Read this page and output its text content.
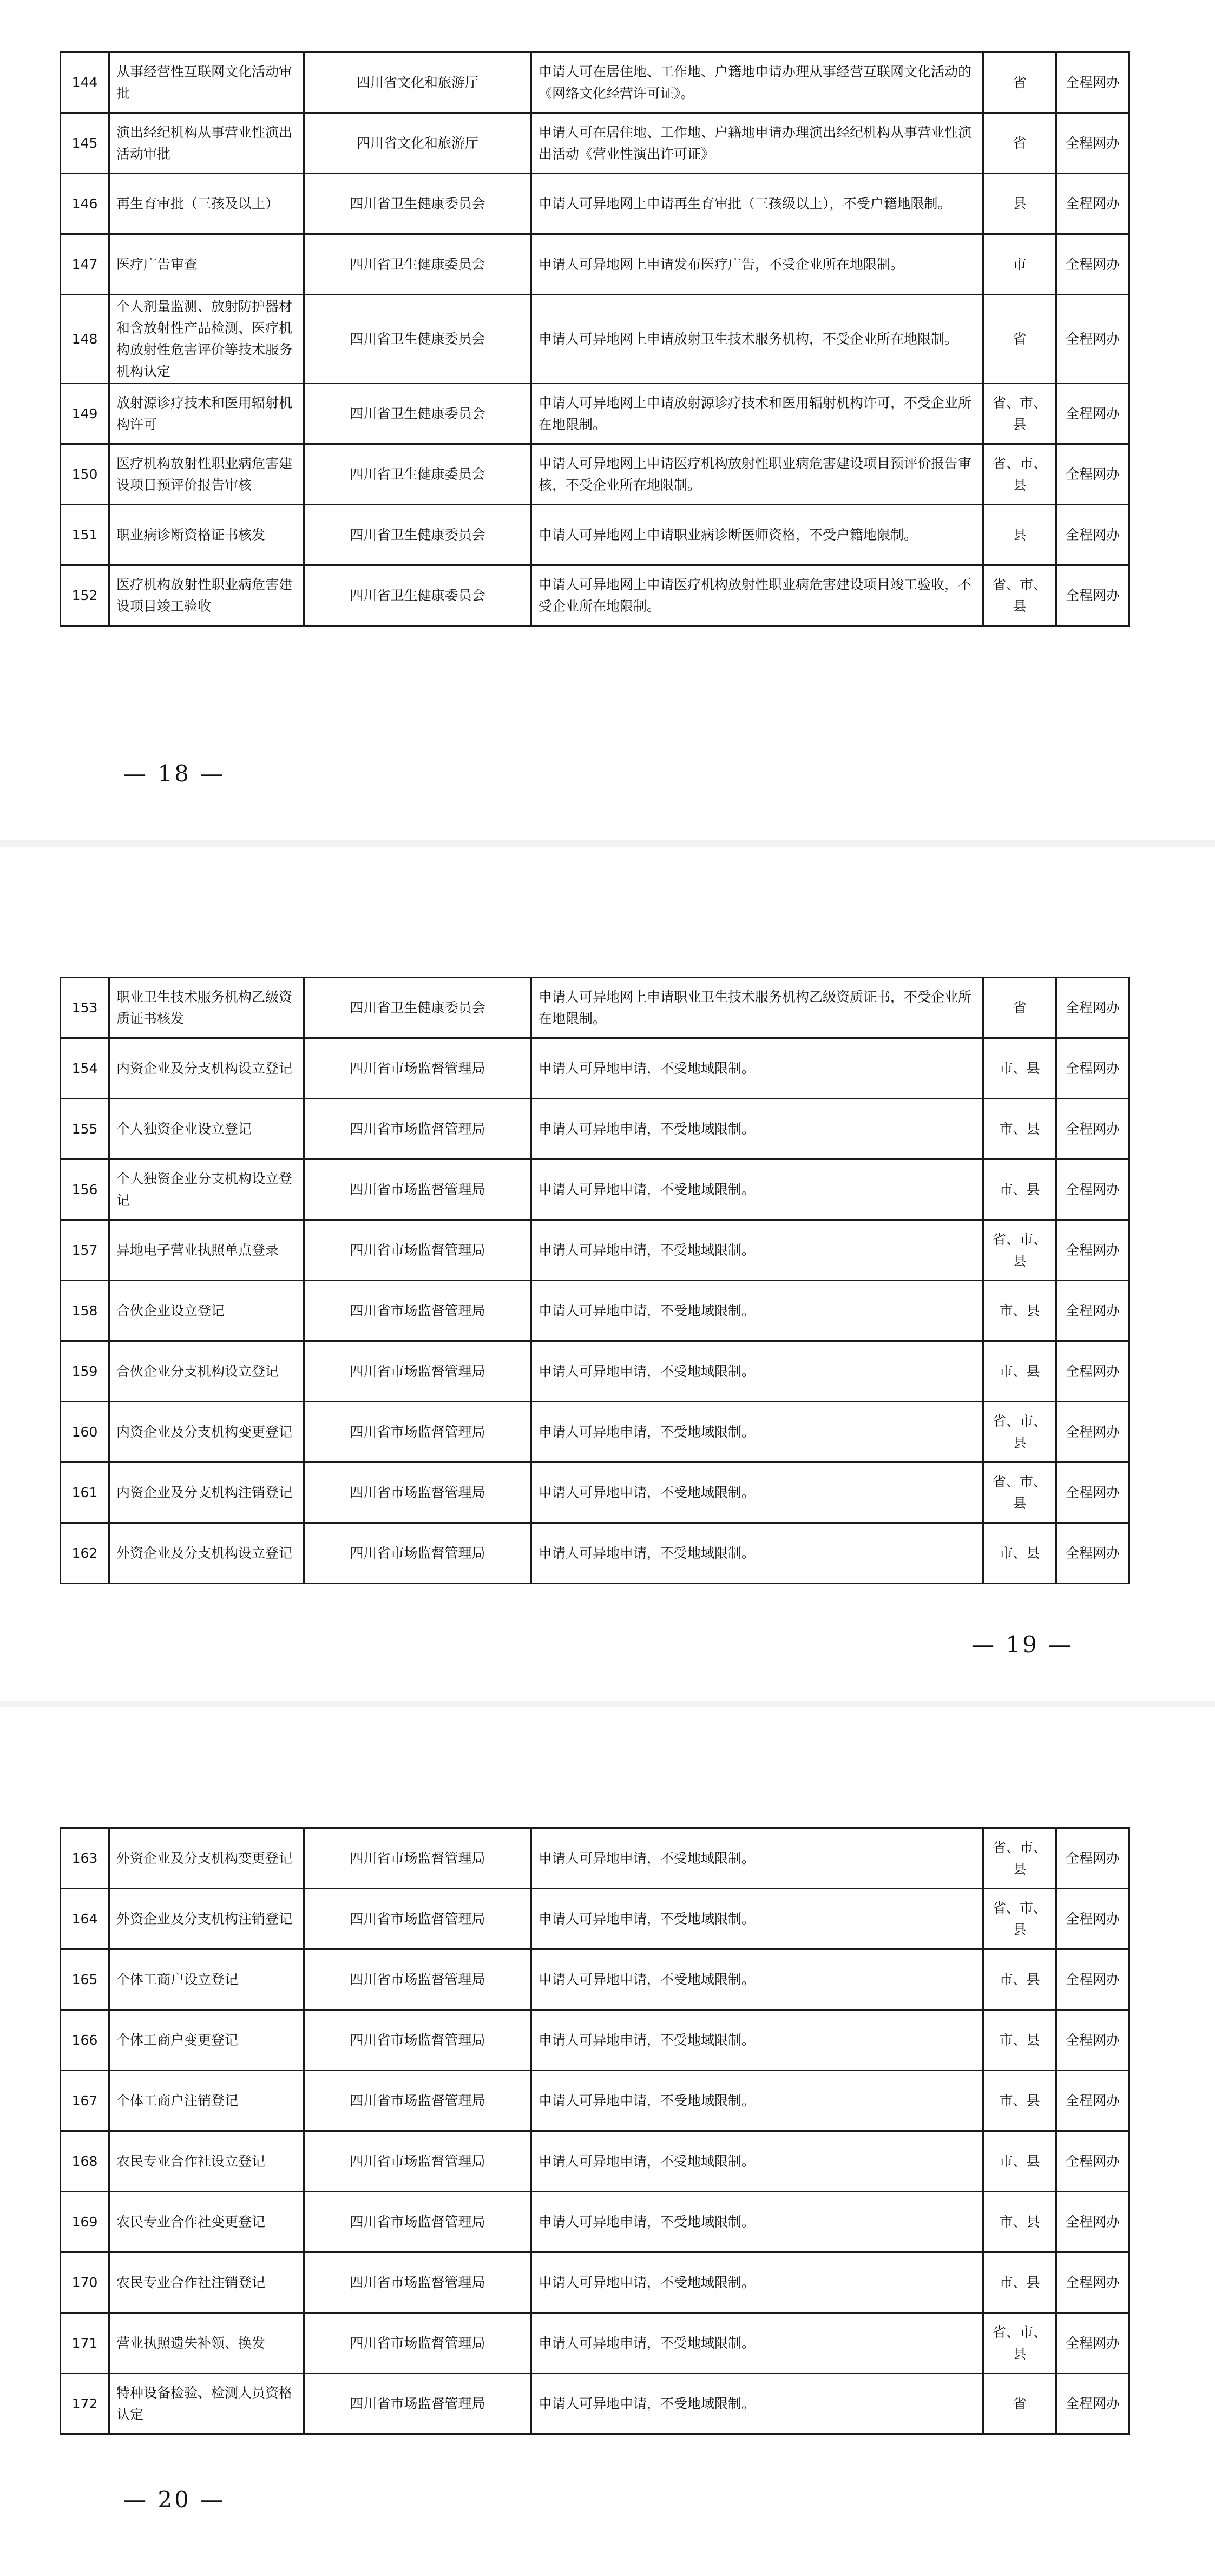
144	从事经营性互联网文化活动审批	四川省文化和旅游厅	申请人可在居住地、工作地、户籍地申请办理从事经营互联网文化活动的《网络文化经营许可证》。	省	全程网办
145	演出经纪机构从事营业性演出活动审批	四川省文化和旅游厅	申请人可在居住地、工作地、户籍地申请办理演出经纪机构从事营业性演出活动《营业性演出许可证》	省	全程网办
146	再生育审批（三孩及以上）	四川省卫生健康委员会	申请人可异地网上申请再生育审批（三孩级以上），不受户籍地限制。	县	全程网办
147	医疗广告审查	四川省卫生健康委员会	申请人可异地网上申请发布医疗广告，不受企业所在地限制。	市	全程网办
148	个人剂量监测、放射防护器材和含放射性产品检测、医疗机构放射性危害评价等技术服务机构认定	四川省卫生健康委员会	申请人可异地网上申请放射卫生技术服务机构，不受企业所在地限制。	省	全程网办
149	放射源诊疗技术和医用辐射机构许可	四川省卫生健康委员会	申请人可异地网上申请放射源诊疗技术和医用辐射机构许可，不受企业所在地限制。	省、市、县	全程网办
150	医疗机构放射性职业病危害建设项目预评价报告审核	四川省卫生健康委员会	申请人可异地网上申请医疗机构放射性职业病危害建设项目预评价报告审核，不受企业所在地限制。	省、市、县	全程网办
151	职业病诊断资格证书核发	四川省卫生健康委员会	申请人可异地网上申请职业病诊断医师资格，不受户籍地限制。	县	全程网办
152	医疗机构放射性职业病危害建设项目竣工验收	四川省卫生健康委员会	申请人可异地网上申请医疗机构放射性职业病危害建设项目竣工验收，不受企业所在地限制。	省、市、县	全程网办
— 18 —
153	职业卫生技术服务机构乙级资质证书核发	四川省卫生健康委员会	申请人可异地网上申请职业卫生技术服务机构乙级资质证书，不受企业所在地限制。	省	全程网办
154	内资企业及分支机构设立登记	四川省市场监督管理局	申请人可异地申请，不受地域限制。	市、县	全程网办
155	个人独资企业设立登记	四川省市场监督管理局	申请人可异地申请，不受地域限制。	市、县	全程网办
156	个人独资企业分支机构设立登记	四川省市场监督管理局	申请人可异地申请，不受地域限制。	市、县	全程网办
157	异地电子营业执照单点登录	四川省市场监督管理局	申请人可异地申请，不受地域限制。	省、市、县	全程网办
158	合伙企业设立登记	四川省市场监督管理局	申请人可异地申请，不受地域限制。	市、县	全程网办
159	合伙企业分支机构设立登记	四川省市场监督管理局	申请人可异地申请，不受地域限制。	市、县	全程网办
160	内资企业及分支机构变更登记	四川省市场监督管理局	申请人可异地申请，不受地域限制。	省、市、县	全程网办
161	内资企业及分支机构注销登记	四川省市场监督管理局	申请人可异地申请，不受地域限制。	省、市、县	全程网办
162	外资企业及分支机构设立登记	四川省市场监督管理局	申请人可异地申请，不受地域限制。	市、县	全程网办
— 19 —
163	外资企业及分支机构变更登记	四川省市场监督管理局	申请人可异地申请，不受地域限制。	省、市、县	全程网办
164	外资企业及分支机构注销登记	四川省市场监督管理局	申请人可异地申请，不受地域限制。	省、市、县	全程网办
165	个体工商户设立登记	四川省市场监督管理局	申请人可异地申请，不受地域限制。	市、县	全程网办
166	个体工商户变更登记	四川省市场监督管理局	申请人可异地申请，不受地域限制。	市、县	全程网办
167	个体工商户注销登记	四川省市场监督管理局	申请人可异地申请，不受地域限制。	市、县	全程网办
168	农民专业合作社设立登记	四川省市场监督管理局	申请人可异地申请，不受地域限制。	市、县	全程网办
169	农民专业合作社变更登记	四川省市场监督管理局	申请人可异地申请，不受地域限制。	市、县	全程网办
170	农民专业合作社注销登记	四川省市场监督管理局	申请人可异地申请，不受地域限制。	市、县	全程网办
171	营业执照遗失补领、换发	四川省市场监督管理局	申请人可异地申请，不受地域限制。	省、市、县	全程网办
172	特种设备检验、检测人员资格认定	四川省市场监督管理局	申请人可异地申请，不受地域限制。	省	全程网办
— 20 —
